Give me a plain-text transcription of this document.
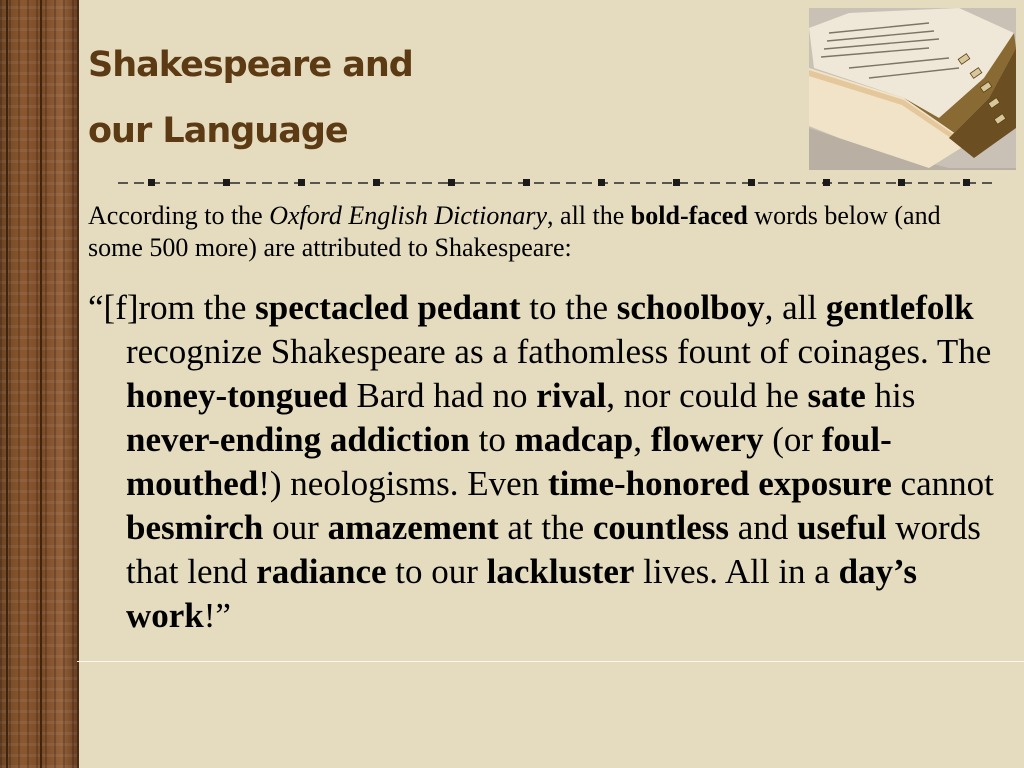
Shakespeare and
our Language

According to the Oxford English Dictionary, all the bold-faced words below (and some 500 more) are attributed to Shakespeare:

“[f]rom the spectacled pedant to the schoolboy, all gentlefolk recognize Shakespeare as a fathomless fount of coinages. The honey-tongued Bard had no rival, nor could he sate his never-ending addiction to madcap, flowery (or foul-mouthed!) neologisms. Even time-honored exposure cannot besmirch our amazement at the countless and useful words that lend radiance to our lackluster lives. All in a day’s work!”
